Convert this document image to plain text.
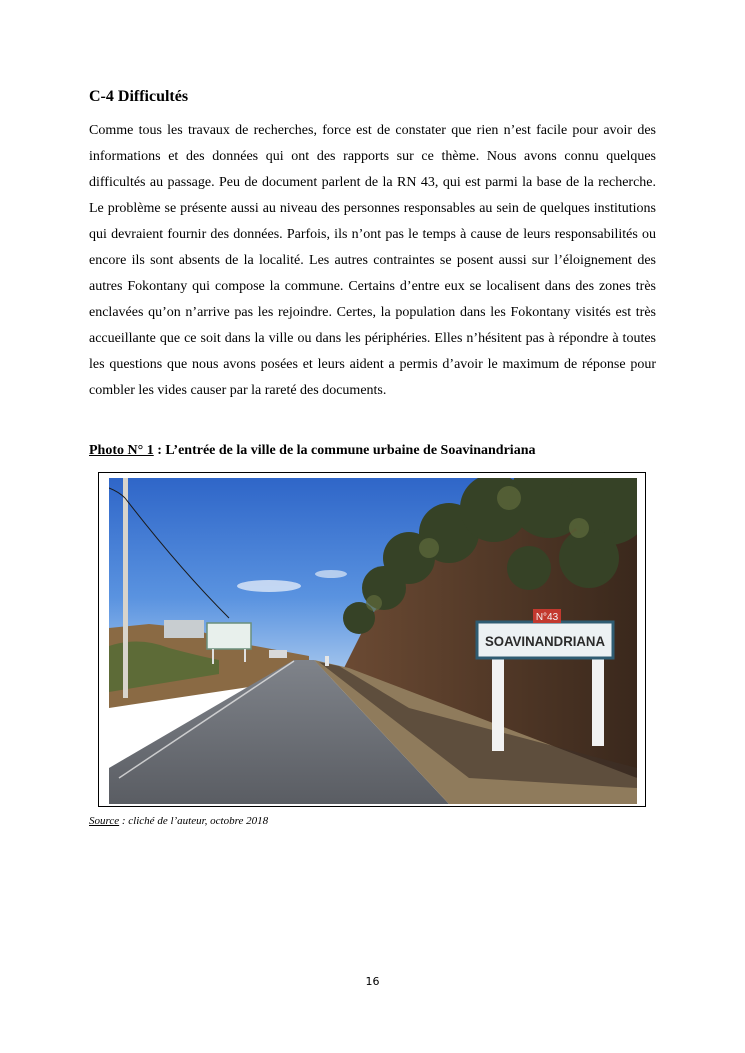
C-4 Difficultés

Comme tous les travaux de recherches, force est de constater que rien n’est facile pour avoir des informations et des données qui ont des rapports sur ce thème. Nous avons connu quelques difficultés au passage. Peu de document parlent de la RN 43, qui est parmi la base de la recherche. Le problème se présente aussi au niveau des personnes responsables au sein de quelques institutions qui devraient fournir des données. Parfois, ils n’ont pas le temps à cause de leurs responsabilités ou encore ils sont absents de la localité. Les autres contraintes se posent aussi sur l’éloignement des autres Fokontany qui compose la commune. Certains d’entre eux se localisent dans des zones très enclavées qu’on n’arrive pas les rejoindre. Certes, la population dans les Fokontany visités est très accueillante que ce soit dans la ville ou dans les périphéries. Elles n’hésitent pas à répondre à toutes les questions que nous avons posées et leurs aident a permis d’avoir le maximum de réponse pour combler les vides causer par la rareté des documents.

Photo N° 1 : L’entrée de la ville de la commune urbaine de Soavinandriana

SOAVINANDRIANA
N°43

Source : cliché de l’auteur, octobre 2018

16
